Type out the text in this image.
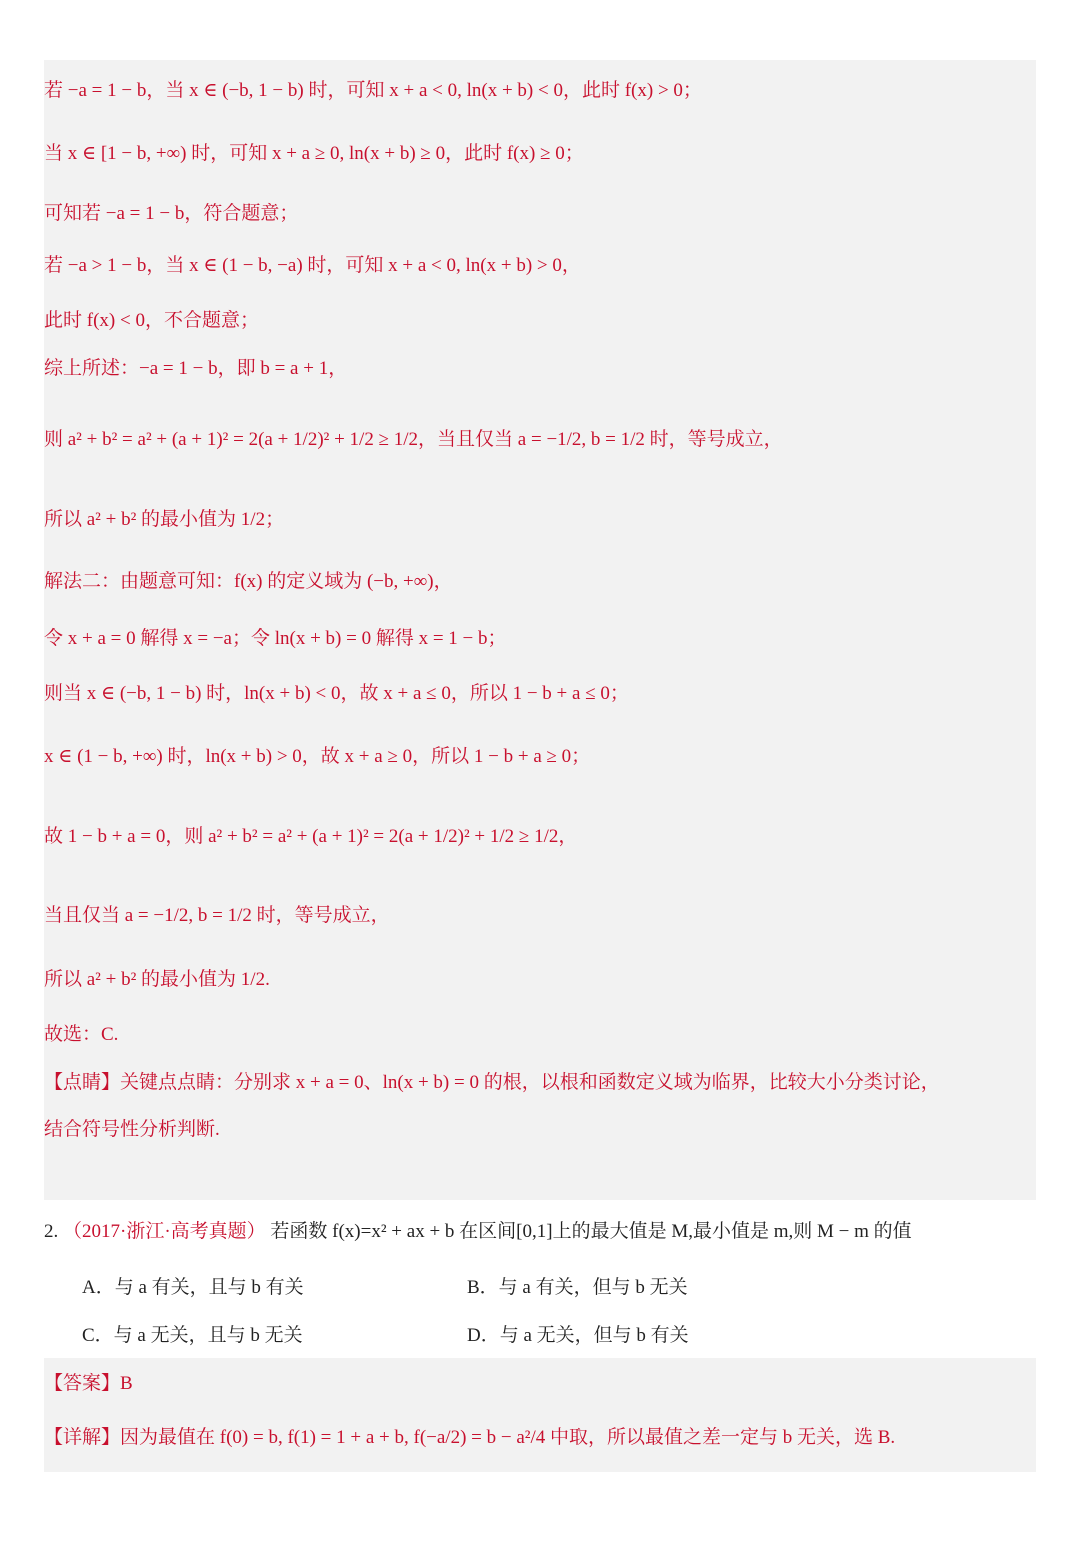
若 −a = 1 − b，当 x ∈ (−b, 1 − b) 时，可知 x + a < 0, ln(x + b) < 0，此时 f(x) > 0；
可知若 −a = 1 − b，符合题意；
当 x ∈ [1 − b, +∞) 时，可知 x + a ≥ 0, ln(x + b) ≥ 0，此时 f(x) ≥ 0；
若 −a > 1 − b，当 x ∈ (1 − b, −a) 时，可知 x + a < 0, ln(x + b) > 0，
此时 f(x) < 0，不合题意；
综上所述：−a = 1 − b，即 b = a + 1，
则 a² + b² = a² + (a + 1)² = 2(a + 1/2)² + 1/2 ≥ 1/2，当且仅当 a = −1/2, b = 1/2 时，等号成立，
所以 a² + b² 的最小值为 1/2；
解法二：由题意可知：f(x) 的定义域为 (−b, +∞)，
令 x + a = 0 解得 x = −a；令 ln(x + b) = 0 解得 x = 1 − b；
则当 x ∈ (−b, 1 − b) 时，ln(x + b) < 0，故 x + a ≤ 0，所以 1 − b + a ≤ 0；
x ∈ (1 − b, +∞) 时，ln(x + b) > 0，故 x + a ≥ 0，所以 1 − b + a ≥ 0；
故 1 − b + a = 0，则 a² + b² = a² + (a + 1)² = 2(a + 1/2)² + 1/2 ≥ 1/2，
当且仅当 a = −1/2, b = 1/2 时，等号成立，
所以 a² + b² 的最小值为 1/2.
故选：C.
【点睛】关键点点睛：分别求 x + a = 0、ln(x + b) = 0 的根，以根和函数定义域为临界，比较大小分类讨论，
结合符号性分析判断.
2. （2017·浙江·高考真题） 若函数 f(x)=x² + ax + b 在区间[0,1]上的最大值是 M,最小值是 m,则 M − m 的值
A．与 a 有关，且与 b 有关	B．与 a 有关，但与 b 无关
C．与 a 无关，且与 b 无关	D．与 a 无关，但与 b 有关
【答案】B
【详解】因为最值在 f(0) = b, f(1) = 1 + a + b, f(−a/2) = b − a²/4 中取，所以最值之差一定与 b 无关，选 B.
